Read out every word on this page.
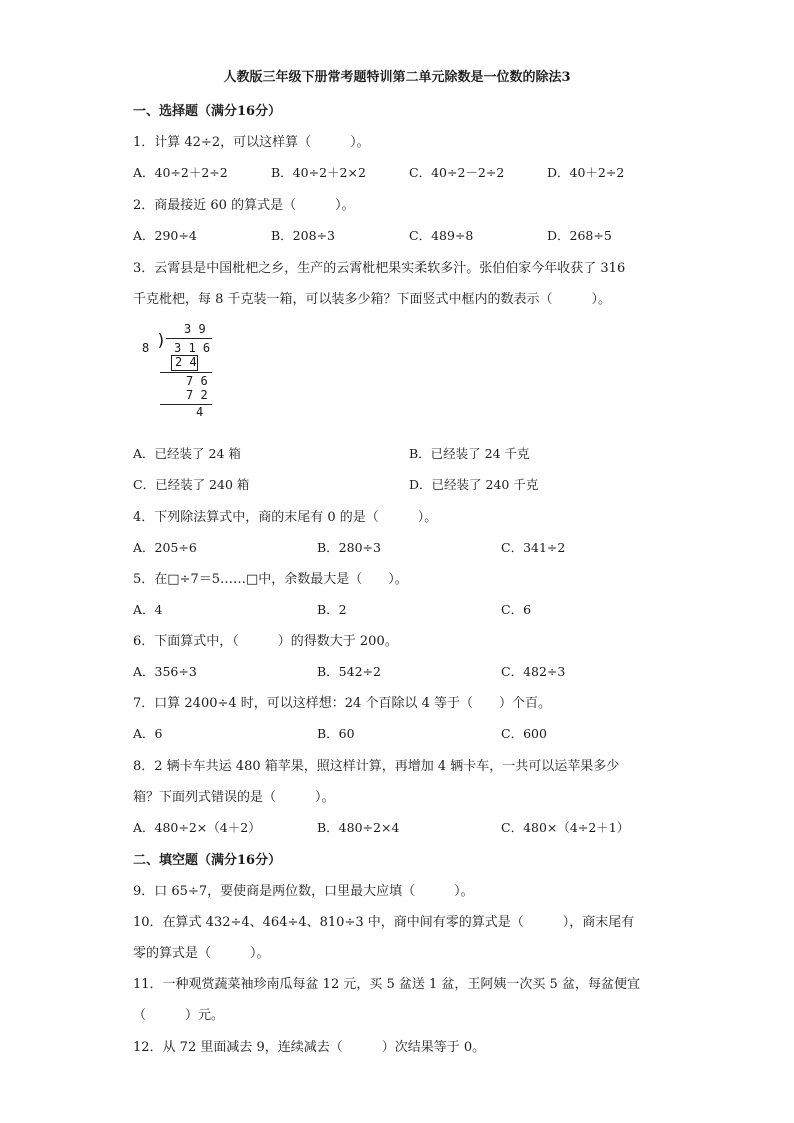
人教版三年级下册常考题特训第二单元除数是一位数的除法3
一、选择题（满分16分）
1．计算 42÷2，可以这样算（　　　）。
A．40÷2＋2÷2	B．40÷2＋2×2	C．40÷2－2÷2	D．40＋2÷2
2．商最接近 60 的算式是（　　　）。
A．290÷4	B．208÷3	C．489÷8	D．268÷5
3．云霄县是中国枇杷之乡，生产的云霄枇杷果实柔软多汁。张伯伯家今年收获了 316
千克枇杷，每 8 千克装一箱，可以装多少箱？下面竖式中框内的数表示（　　　）。
3 9
8 ) 3 1 6
2 4
7 6
7 2
4
A．已经装了 24 箱	B．已经装了 24 千克
C．已经装了 240 箱	D．已经装了 240 千克
4．下列除法算式中，商的末尾有 0 的是（　　　）。
A．205÷6	B．280÷3	C．341÷2
5．在□÷7＝5……□中，余数最大是（　　）。
A．4	B．2	C．6
6．下面算式中，（　　　）的得数大于 200。
A．356÷3	B．542÷2	C．482÷3
7．口算 2400÷4 时，可以这样想：24 个百除以 4 等于（　　）个百。
A．6	B．60	C．600
8．2 辆卡车共运 480 箱苹果，照这样计算，再增加 4 辆卡车，一共可以运苹果多少
箱？下面列式错误的是（　　　）。
A．480÷2×（4＋2）	B．480÷2×4	C．480×（4÷2＋1）
二、填空题（满分16分）
9．口 65÷7，要使商是两位数，口里最大应填（　　　）。
10．在算式 432÷4、464÷4、810÷3 中，商中间有零的算式是（　　　），商末尾有
零的算式是（　　　）。
11．一种观赏蔬菜袖珍南瓜每盆 12 元，买 5 盆送 1 盆，王阿姨一次买 5 盆，每盆便宜
（　　　）元。
12．从 72 里面减去 9，连续减去（　　　）次结果等于 0。
